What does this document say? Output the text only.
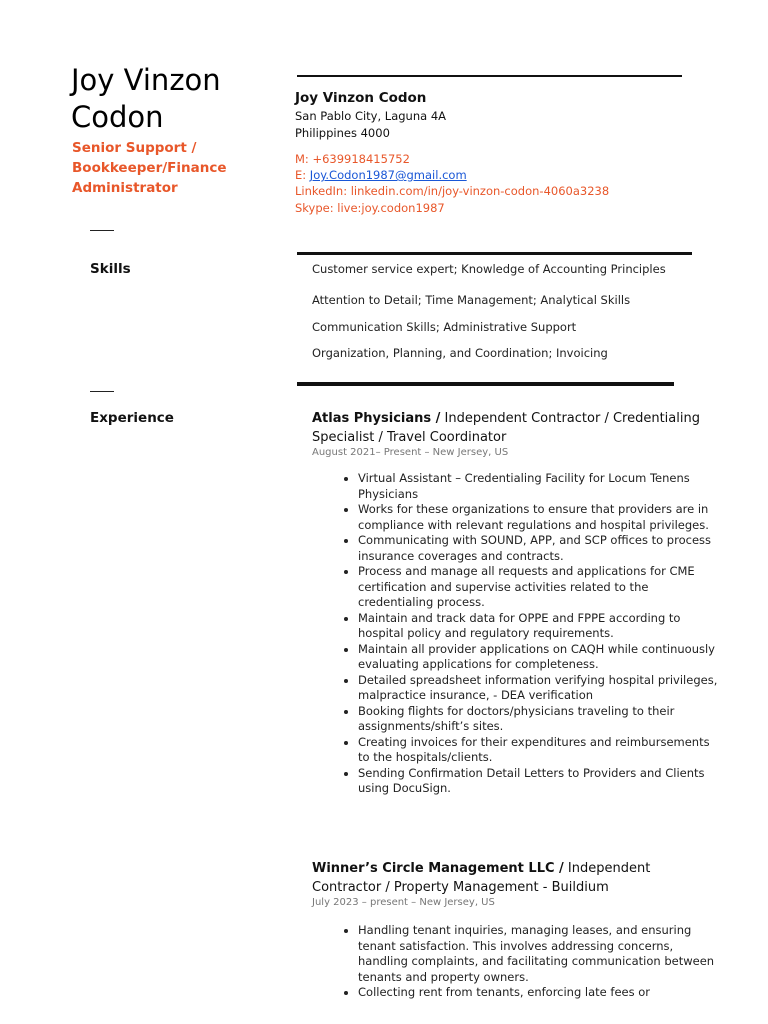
Joy Vinzon Codon
Senior Support / Bookkeeper/Finance Administrator
Skills
Experience
Joy Vinzon Codon
San Pablo City, Laguna 4A
Philippines 4000
M: +639918415752
E: Joy.Codon1987@gmail.com
LinkedIn: linkedin.com/in/joy-vinzon-codon-4060a3238
Skype: live:joy.codon1987
Customer service expert; Knowledge of Accounting Principles
Attention to Detail; Time Management; Analytical Skills
Communication Skills; Administrative Support
Organization, Planning, and Coordination; Invoicing
Atlas Physicians / Independent Contractor / Credentialing Specialist / Travel Coordinator
August 2021– Present – New Jersey, US
• Virtual Assistant – Credentialing Facility for Locum Tenens Physicians
• Works for these organizations to ensure that providers are in compliance with relevant regulations and hospital privileges.
• Communicating with SOUND, APP, and SCP offices to process insurance coverages and contracts.
• Process and manage all requests and applications for CME certification and supervise activities related to the credentialing process.
• Maintain and track data for OPPE and FPPE according to hospital policy and regulatory requirements.
• Maintain all provider applications on CAQH while continuously evaluating applications for completeness.
• Detailed spreadsheet information verifying hospital privileges, malpractice insurance, - DEA verification
• Booking flights for doctors/physicians traveling to their assignments/shift’s sites.
• Creating invoices for their expenditures and reimbursements to the hospitals/clients.
• Sending Confirmation Detail Letters to Providers and Clients using DocuSign.
Winner’s Circle Management LLC / Independent Contractor / Property Management - Buildium
July 2023 – present – New Jersey, US
• Handling tenant inquiries, managing leases, and ensuring tenant satisfaction. This involves addressing concerns, handling complaints, and facilitating communication between tenants and property owners.
• Collecting rent from tenants, enforcing late fees or
